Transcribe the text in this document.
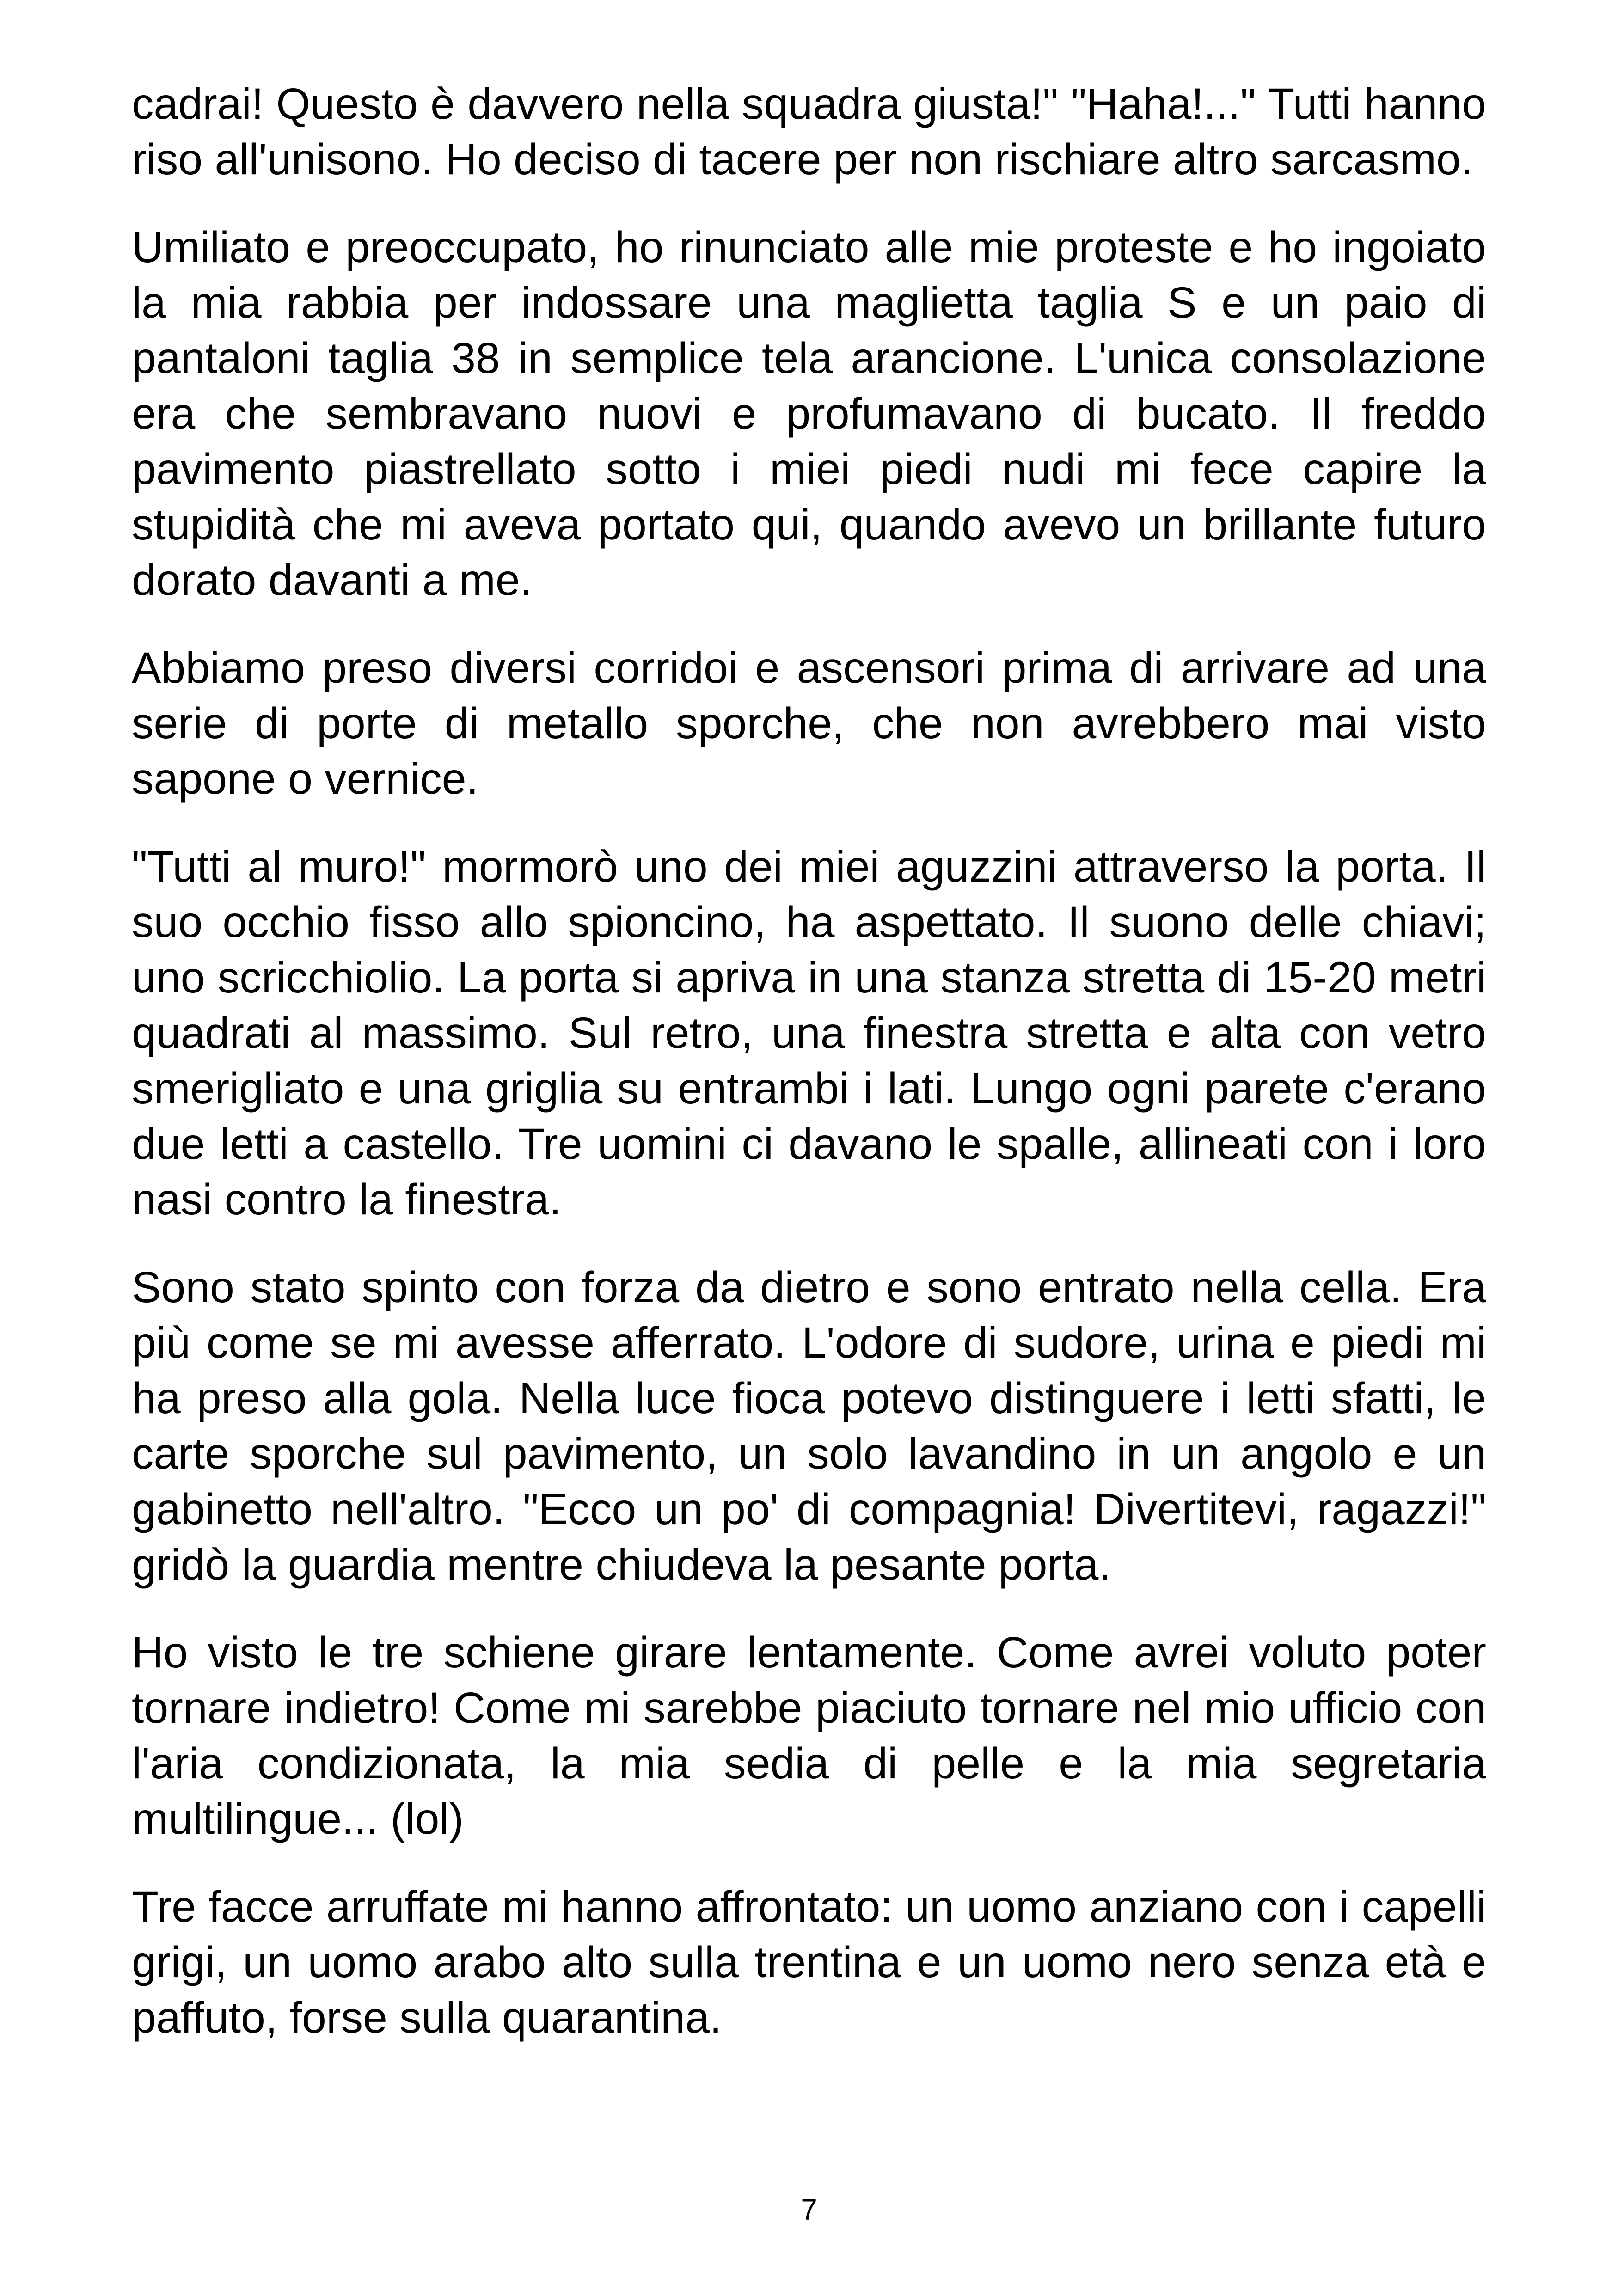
cadrai! Questo è davvero nella squadra giusta!" "Haha!..." Tutti hanno riso all'unisono. Ho deciso di tacere per non rischiare altro sarcasmo.

Umiliato e preoccupato, ho rinunciato alle mie proteste e ho ingoiato la mia rabbia per indossare una maglietta taglia S e un paio di pantaloni taglia 38 in semplice tela arancione. L'unica consolazione era che sembravano nuovi e profumavano di bucato. Il freddo pavimento piastrellato sotto i miei piedi nudi mi fece capire la stupidità che mi aveva portato qui, quando avevo un brillante futuro dorato davanti a me.

Abbiamo preso diversi corridoi e ascensori prima di arrivare ad una serie di porte di metallo sporche, che non avrebbero mai visto sapone o vernice.

"Tutti al muro!" mormorò uno dei miei aguzzini attraverso la porta. Il suo occhio fisso allo spioncino, ha aspettato. Il suono delle chiavi; uno scricchiolio. La porta si apriva in una stanza stretta di 15-20 metri quadrati al massimo. Sul retro, una finestra stretta e alta con vetro smerigliato e una griglia su entrambi i lati. Lungo ogni parete c'erano due letti a castello. Tre uomini ci davano le spalle, allineati con i loro nasi contro la finestra.

Sono stato spinto con forza da dietro e sono entrato nella cella. Era più come se mi avesse afferrato. L'odore di sudore, urina e piedi mi ha preso alla gola. Nella luce fioca potevo distinguere i letti sfatti, le carte sporche sul pavimento, un solo lavandino in un angolo e un gabinetto nell'altro. "Ecco un po' di compagnia! Divertitevi, ragazzi!" gridò la guardia mentre chiudeva la pesante porta.

Ho visto le tre schiene girare lentamente. Come avrei voluto poter tornare indietro! Come mi sarebbe piaciuto tornare nel mio ufficio con l'aria condizionata, la mia sedia di pelle e la mia segretaria multilingue... (lol)

Tre facce arruffate mi hanno affrontato: un uomo anziano con i capelli grigi, un uomo arabo alto sulla trentina e un uomo nero senza età e paffuto, forse sulla quarantina.

7
